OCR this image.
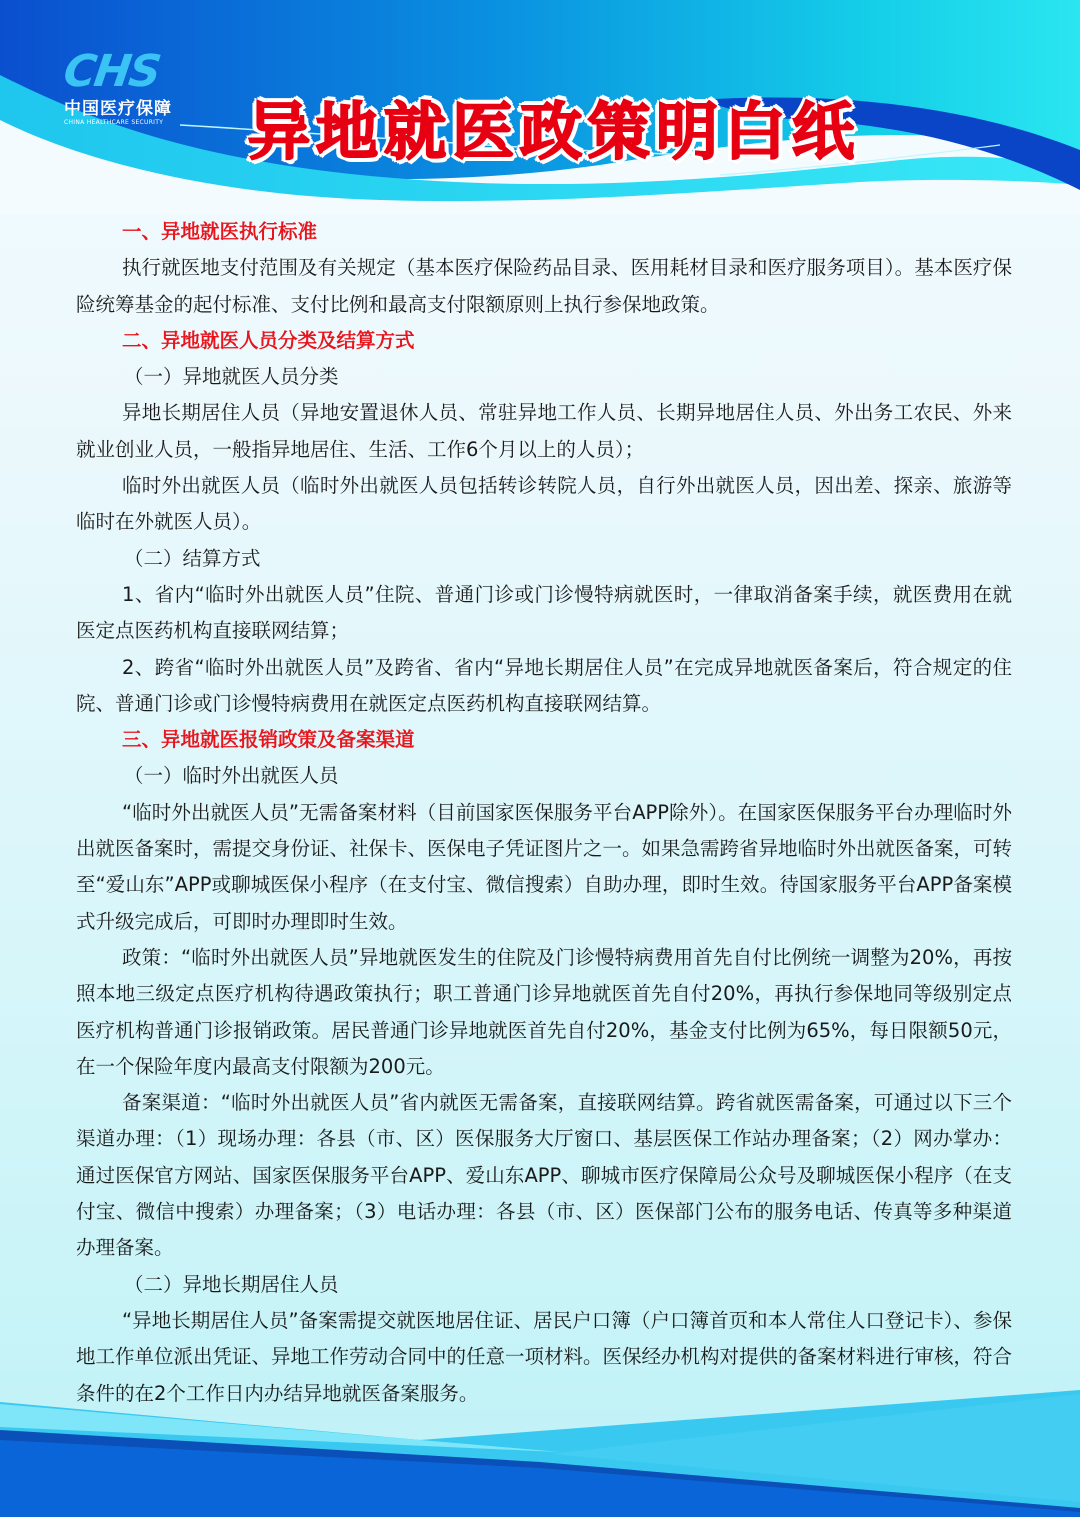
CHS
中国医疗保障
CHINA HEALTHCARE SECURITY	异地就医政策明白纸

一、异地就医执行标准

执行就医地支付范围及有关规定（基本医疗保险药品目录、医用耗材目录和医疗服务项目）。基本医疗保险统筹基金的起付标准、支付比例和最高支付限额原则上执行参保地政策。

二、异地就医人员分类及结算方式

（一）异地就医人员分类

异地长期居住人员（异地安置退休人员、常驻异地工作人员、长期异地居住人员、外出务工农民、外来就业创业人员，一般指异地居住、生活、工作6个月以上的人员）；

临时外出就医人员（临时外出就医人员包括转诊转院人员，自行外出就医人员，因出差、探亲、旅游等临时在外就医人员）。

（二）结算方式

1、省内“临时外出就医人员”住院、普通门诊或门诊慢特病就医时，一律取消备案手续，就医费用在就医定点医药机构直接联网结算；

2、跨省“临时外出就医人员”及跨省、省内“异地长期居住人员”在完成异地就医备案后，符合规定的住院、普通门诊或门诊慢特病费用在就医定点医药机构直接联网结算。

三、异地就医报销政策及备案渠道

（一）临时外出就医人员

“临时外出就医人员”无需备案材料（目前国家医保服务平台APP除外）。在国家医保服务平台办理临时外出就医备案时，需提交身份证、社保卡、医保电子凭证图片之一。如果急需跨省异地临时外出就医备案，可转至“爱山东”APP或聊城医保小程序（在支付宝、微信搜索）自助办理，即时生效。待国家服务平台APP备案模式升级完成后，可即时办理即时生效。

政策：“临时外出就医人员”异地就医发生的住院及门诊慢特病费用首先自付比例统一调整为20%，再按照本地三级定点医疗机构待遇政策执行；职工普通门诊异地就医首先自付20%，再执行参保地同等级别定点医疗机构普通门诊报销政策。居民普通门诊异地就医首先自付20%，基金支付比例为65%，每日限额50元，在一个保险年度内最高支付限额为200元。

备案渠道：“临时外出就医人员”省内就医无需备案，直接联网结算。跨省就医需备案，可通过以下三个渠道办理：（1）现场办理：各县（市、区）医保服务大厅窗口、基层医保工作站办理备案；（2）网办掌办：通过医保官方网站、国家医保服务平台APP、爱山东APP、聊城市医疗保障局公众号及聊城医保小程序（在支付宝、微信中搜索）办理备案；（3）电话办理：各县（市、区）医保部门公布的服务电话、传真等多种渠道办理备案。

（二）异地长期居住人员

“异地长期居住人员”备案需提交就医地居住证、居民户口簿（户口簿首页和本人常住人口登记卡）、参保地工作单位派出凭证、异地工作劳动合同中的任意一项材料。医保经办机构对提供的备案材料进行审核，符合条件的在2个工作日内办结异地就医备案服务。
